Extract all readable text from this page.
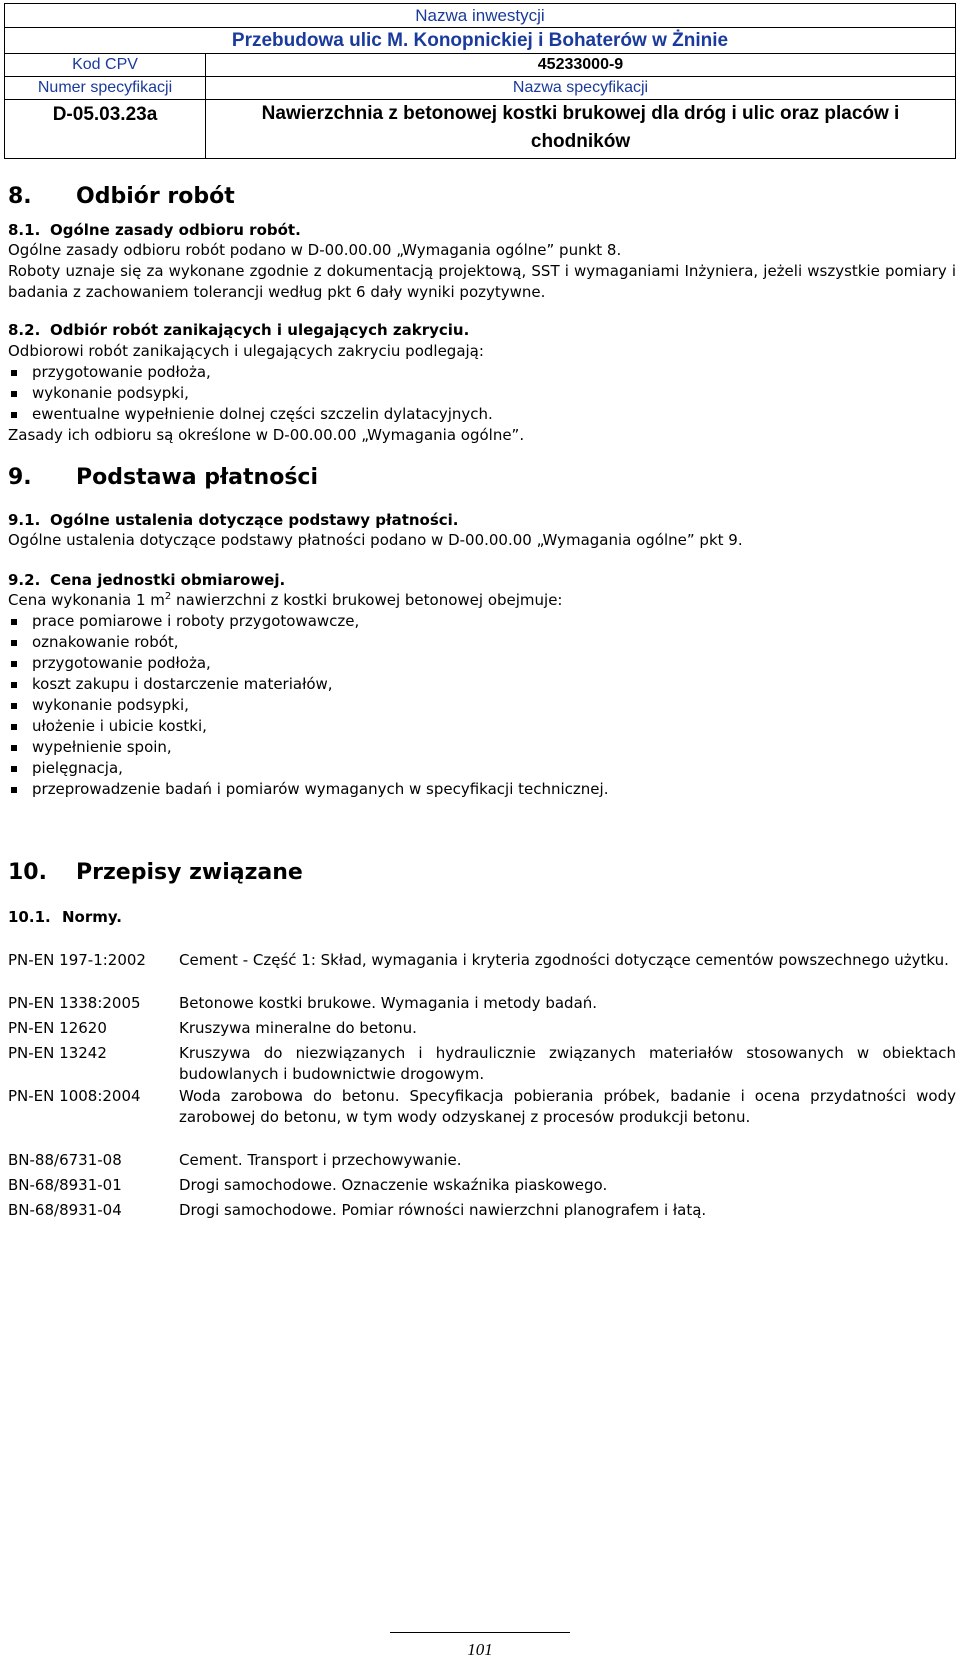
Nazwa inwestycji	
Przebudowa ulic M. Konopnickiej i Bohaterów w Żninie	
Kod CPV	45233000-9
Numer specyfikacji	Nazwa specyfikacji
D-05.03.23a	Nawierzchnia z betonowej kostki brukowej dla dróg i ulic oraz placów i chodników
8. Odbiór robót
8.1. Ogólne zasady odbioru robót.
Ogólne zasady odbioru robót podano w D-00.00.00 „Wymagania ogólne” punkt 8.
Roboty uznaje się za wykonane zgodnie z dokumentacją projektową, SST i wymaganiami Inżyniera, jeżeli wszystkie pomiary i badania z zachowaniem tolerancji według pkt 6 dały wyniki pozytywne.
8.2. Odbiór robót zanikających i ulegających zakryciu.
Odbiorowi robót zanikających i ulegających zakryciu podlegają:
przygotowanie podłoża,
wykonanie podsypki,
ewentualne wypełnienie dolnej części szczelin dylatacyjnych.
Zasady ich odbioru są określone w D-00.00.00 „Wymagania ogólne”.
9. Podstawa płatności
9.1. Ogólne ustalenia dotyczące podstawy płatności.
Ogólne ustalenia dotyczące podstawy płatności podano w D-00.00.00 „Wymagania ogólne” pkt 9.
9.2. Cena jednostki obmiarowej.
Cena wykonania 1 $m^2$ nawierzchni z kostki brukowej betonowej obejmuje:
prace pomiarowe i roboty przygotowawcze,
oznakowanie robót,
przygotowanie podłoża,
koszt zakupu i dostarczenie materiałów,
wykonanie podsypki,
ułożenie i ubicie kostki,
wypełnienie spoin,
pielęgnacja,
przeprowadzenie badań i pomiarów wymaganych w specyfikacji technicznej.
10. Przepisy związane
10.1. Normy.
PN-EN 197-1:2002 Cement - Część 1: Skład, wymagania i kryteria zgodności dotyczące cementów powszechnego użytku.
PN-EN 1338:2005	Betonowe kostki brukowe. Wymagania i metody badań.
PN-EN 12620	Kruszywa mineralne do betonu.
PN-EN 13242	Kruszywa do niezwiązanych i hydraulicznie związanych materiałów stosowanych w obiektach budowlanych i budownictwie drogowym.
PN-EN 1008:2004	Woda zarobowa do betonu. Specyfikacja pobierania próbek, badanie i ocena przydatności wody zarobowej do betonu, w tym wody odzyskanej z procesów produkcji betonu.
BN-88/6731-08	Cement. Transport i przechowywanie.
BN-68/8931-01	Drogi samochodowe. Oznaczenie wskaźnika piaskowego.
BN-68/8931-04	Drogi samochodowe. Pomiar równości nawierzchni planografem i łatą.
101
